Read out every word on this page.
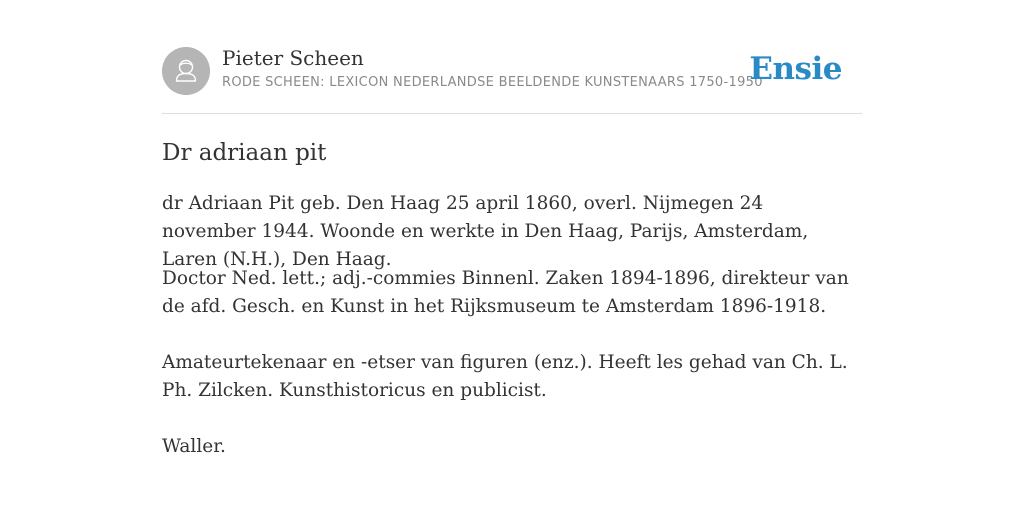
Pieter Scheen
RODE SCHEEN: LEXICON NEDERLANDSE BEELDENDE KUNSTENAARS 1750-1950
Ensie
Dr adriaan pit

dr Adriaan Pit geb. Den Haag 25 april 1860, overl. Nijmegen 24 november 1944. Woonde en werkte in Den Haag, Parijs, Amsterdam, Laren (N.H.), Den Haag.

Doctor Ned. lett.; adj.-commies Binnenl. Zaken 1894-1896, direkteur van de afd. Gesch. en Kunst in het Rijksmuseum te Amsterdam 1896-1918.

Amateurtekenaar en -etser van figuren (enz.). Heeft les gehad van Ch. L. Ph. Zilcken. Kunsthistoricus en publicist.

Waller.
